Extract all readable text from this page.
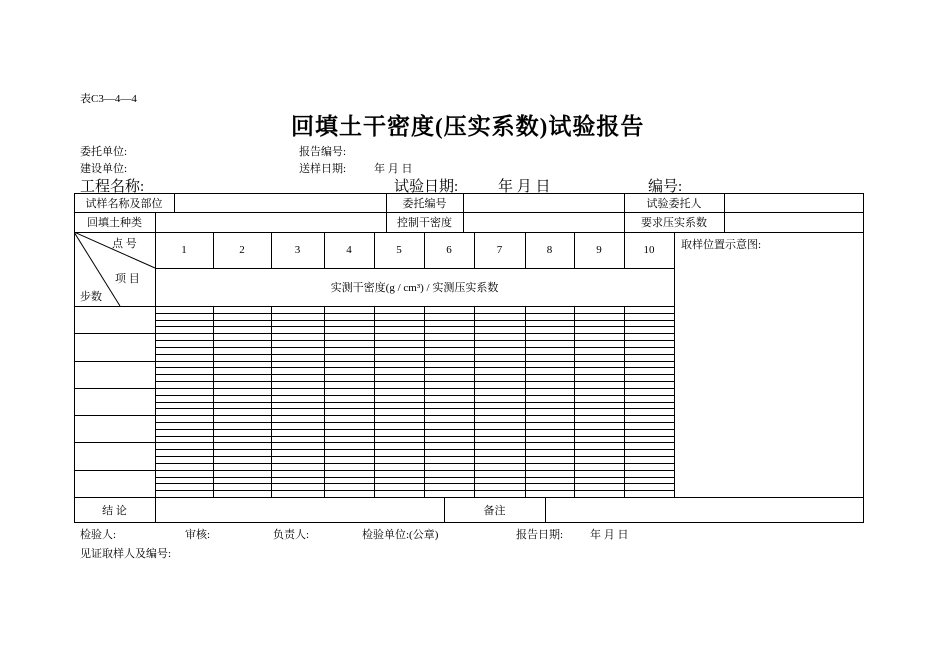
表C3—4—4
回填土干密度(压实系数)试验报告
委托单位:	报告编号:
建设单位:	送样日期:	年 月 日
工程名称:	试验日期:	年 月 日	编号:
试样名称及部位	委托编号	试验委托人
回填土种类	控制干密度	要求压实系数
点 号
项 目
步数
1	2	3	4	5	6	7	8	9	10
实测干密度(g / cm³) / 实测压实系数
取样位置示意图:
结 论	备注
检验人:	审核:	负责人:	检验单位:(公章)	报告日期: 年 月 日
见证取样人及编号:
